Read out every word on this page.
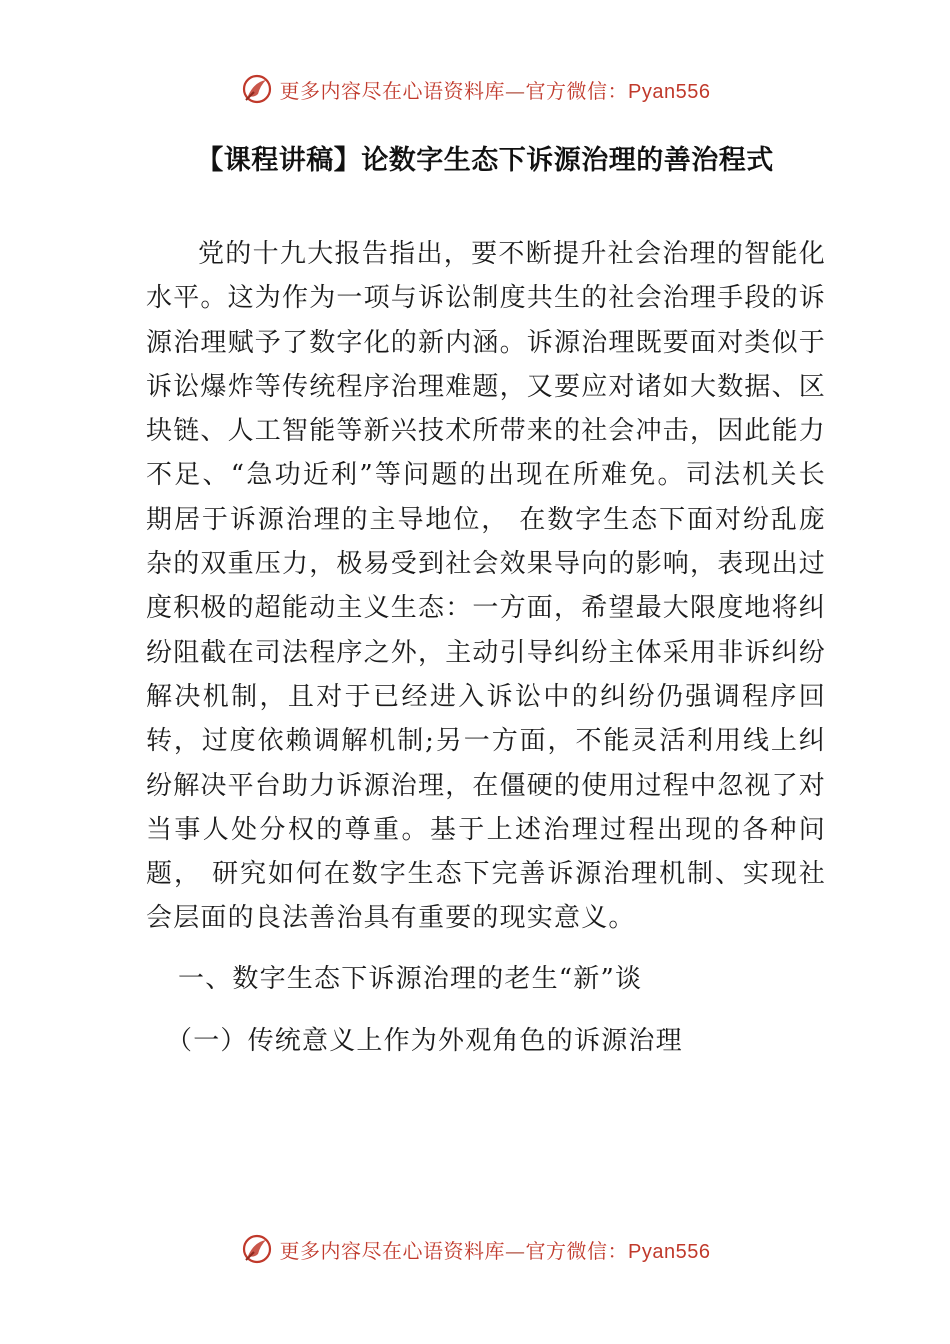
更多内容尽在心语资料库—官方微信：Pyan556
【课程讲稿】论数字生态下诉源治理的善治程式

党的十九大报告指出，要不断提升社会治理的智能化水平。这为作为一项与诉讼制度共生的社会治理手段的诉源治理赋予了数字化的新内涵。诉源治理既要面对类似于诉讼爆炸等传统程序治理难题，又要应对诸如大数据、区块链、人工智能等新兴技术所带来的社会冲击，因此能力不足、“急功近利”等问题的出现在所难免。司法机关长期居于诉源治理的主导地位， 在数字生态下面对纷乱庞杂的双重压力，极易受到社会效果导向的影响，表现出过度积极的超能动主义生态：一方面，希望最大限度地将纠纷阻截在司法程序之外，主动引导纠纷主体采用非诉纠纷解决机制，且对于已经进入诉讼中的纠纷仍强调程序回转，过度依赖调解机制;另一方面，不能灵活利用线上纠纷解决平台助力诉源治理，在僵硬的使用过程中忽视了对当事人处分权的尊重。基于上述治理过程出现的各种问题， 研究如何在数字生态下完善诉源治理机制、实现社会层面的良法善治具有重要的现实意义。

一、数字生态下诉源治理的老生“新”谈

（一）传统意义上作为外观角色的诉源治理

更多内容尽在心语资料库—官方微信：Pyan556
